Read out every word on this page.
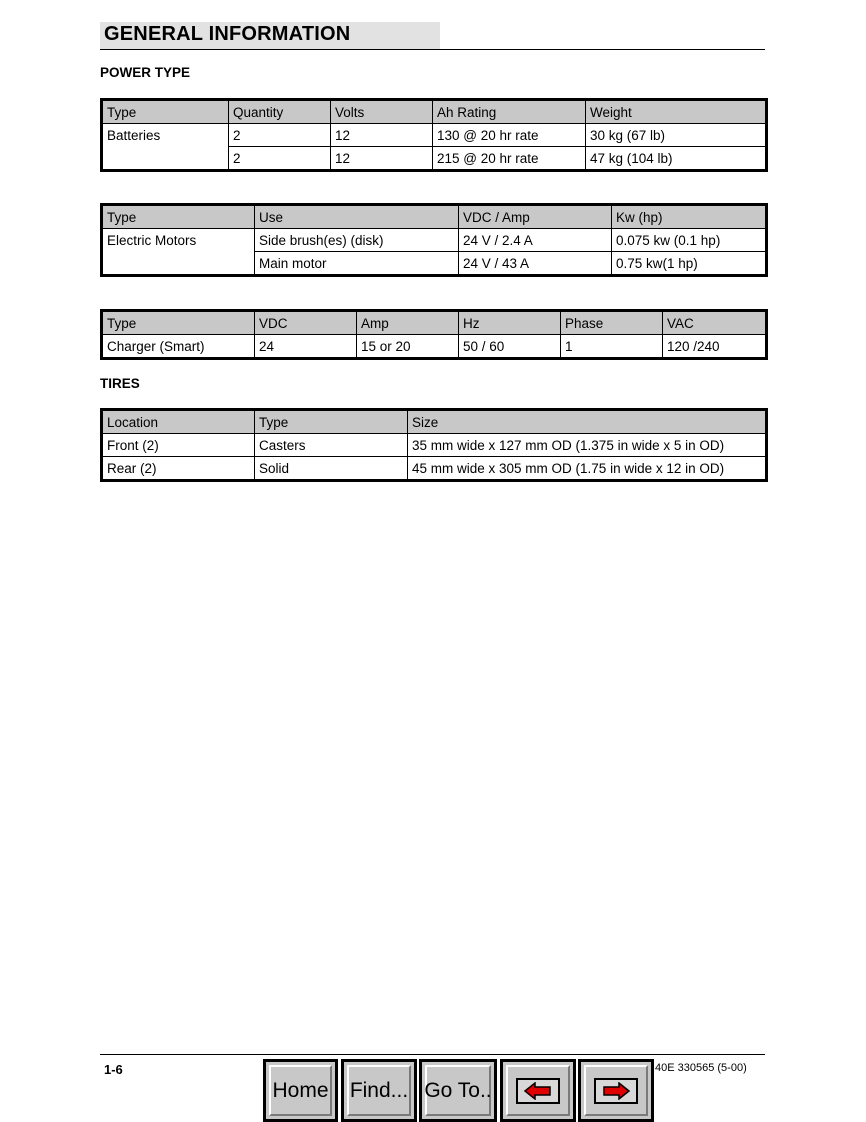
GENERAL INFORMATION
POWER TYPE
Type	Quantity	Volts	Ah Rating	Weight
Batteries	2	12	130 @ 20 hr rate	30 kg (67 lb)
	2	12	215 @ 20 hr rate	47 kg (104 lb)
Type	Use	VDC / Amp	Kw (hp)
Electric Motors	Side brush(es) (disk)	24 V / 2.4 A	0.075 kw (0.1 hp)
	Main motor	24 V / 43 A	0.75 kw(1 hp)
Type	VDC	Amp	Hz	Phase	VAC
Charger (Smart)	24	15 or 20	50 / 60	1	120 /240
TIRES
Location	Type	Size
Front (2)	Casters	35 mm wide x 127 mm OD (1.375 in wide x 5 in OD)
Rear (2)	Solid	45 mm wide x 305 mm OD (1.75 in wide x 12 in OD)
1-6	40E 330565 (5-00)
Home Find... Go To..
